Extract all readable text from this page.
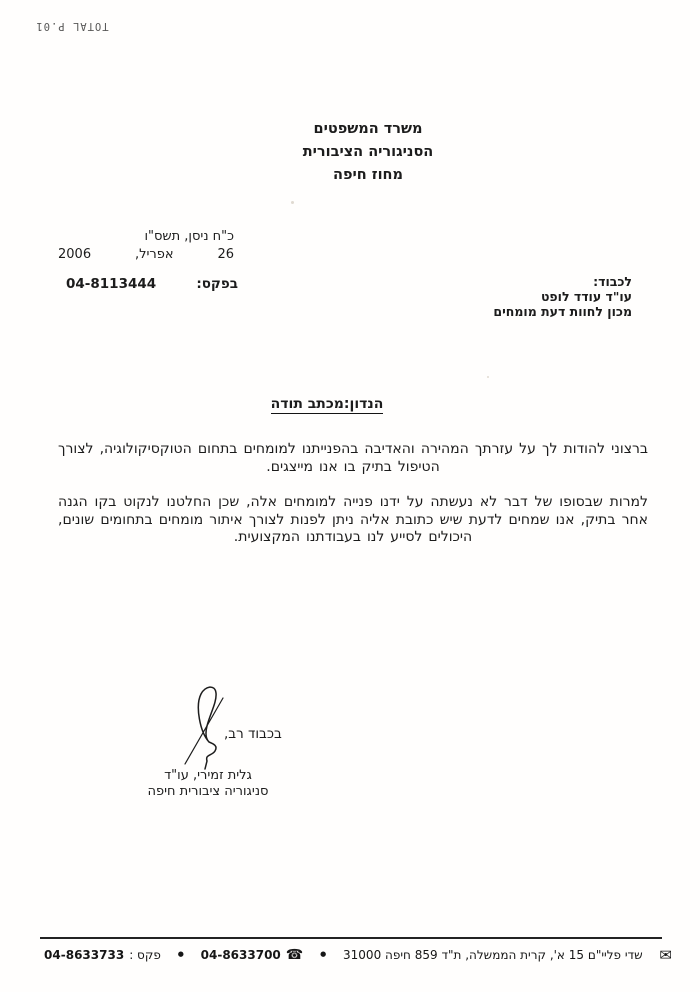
TOTAL P.01
משרד המשפטים
הסניגוריה הציבורית
מחוז חיפה
כ"ח ניסן, תשס"ו
26
אפריל,
2006
בפקס:
04-8113444	לכבוד:
עו"ד עודד לופט
מכון לחוות דעת מומחים
הנדון:מכתב תודה

ברצוני להודות לך על עזרתך המהירה והאדיבה בהפנייתנו למומחים בתחום הטוקסיקולוגיה, לצורך הטיפול בתיק בו אנו מייצגים.

למרות שבסופו של דבר לא נעשתה על ידנו פנייה למומחים אלה, שכן החלטנו לנקוט בקו הגנה אחר בתיק, אנו שמחים לדעת שיש כתובת אליה ניתן לפנות לצורך איתור מומחים בתחומים שונים, היכולים לסייע לנו בעבודתנו המקצועית.

בכבוד רב,
גלית זמירי, עו"ד
סניגוריה ציבורית חיפה
✉
שדי פליי"ם 15 א', קרית הממשלה, ת"ד 859 חיפה 31000
●
☎
04-8633700
●
פקס :
04-8633733
